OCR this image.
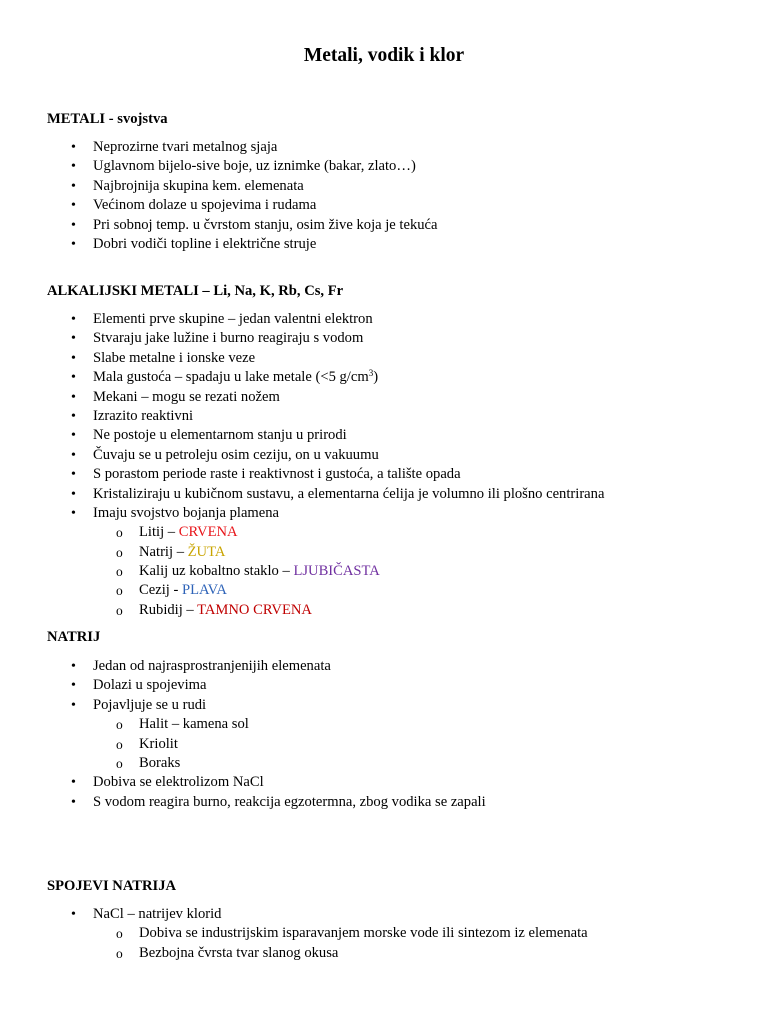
Metali, vodik i klor
METALI - svojstva
• Neprozirne tvari metalnog sjaja
• Uglavnom bijelo-sive boje, uz iznimke (bakar, zlato…)
• Najbrojnija skupina kem. elemenata
• Većinom dolaze u spojevima i rudama
• Pri sobnoj temp. u čvrstom stanju, osim žive koja je tekuća
• Dobri vodiči topline i električne struje
ALKALIJSKI METALI – Li, Na, K, Rb, Cs, Fr
• Elementi prve skupine – jedan valentni elektron
• Stvaraju jake lužine i burno reagiraju s vodom
• Slabe metalne i ionske veze
• Mala gustoća – spadaju u lake metale (<5 $g/cm^3$)
• Mekani – mogu se rezati nožem
• Izrazito reaktivni
• Ne postoje u elementarnom stanju u prirodi
• Čuvaju se u petroleju osim ceziju, on u vakuumu
• S porastom periode raste i reaktivnost i gustoća, a talište opada
• Kristaliziraju u kubičnom sustavu, a elementarna ćelija je volumno ili plošno centrirana
• Imaju svojstvo bojanja plamena
o Litij – CRVENA
o Natrij – ŽUTA
o Kalij uz kobaltno staklo – LJUBIČASTA
o Cezij - PLAVA
o Rubidij – TAMNO CRVENA
NATRIJ
• Jedan od najrasprostranjenijih elemenata
• Dolazi u spojevima
• Pojavljuje se u rudi
o Halit – kamena sol
o Kriolit
o Boraks
• Dobiva se elektrolizom NaCl
• S vodom reagira burno, reakcija egzotermna, zbog vodika se zapali
SPOJEVI NATRIJA
• NaCl – natrijev klorid
o Dobiva se industrijskim isparavanjem morske vode ili sintezom iz elemenata
o Bezbojna čvrsta tvar slanog okusa
